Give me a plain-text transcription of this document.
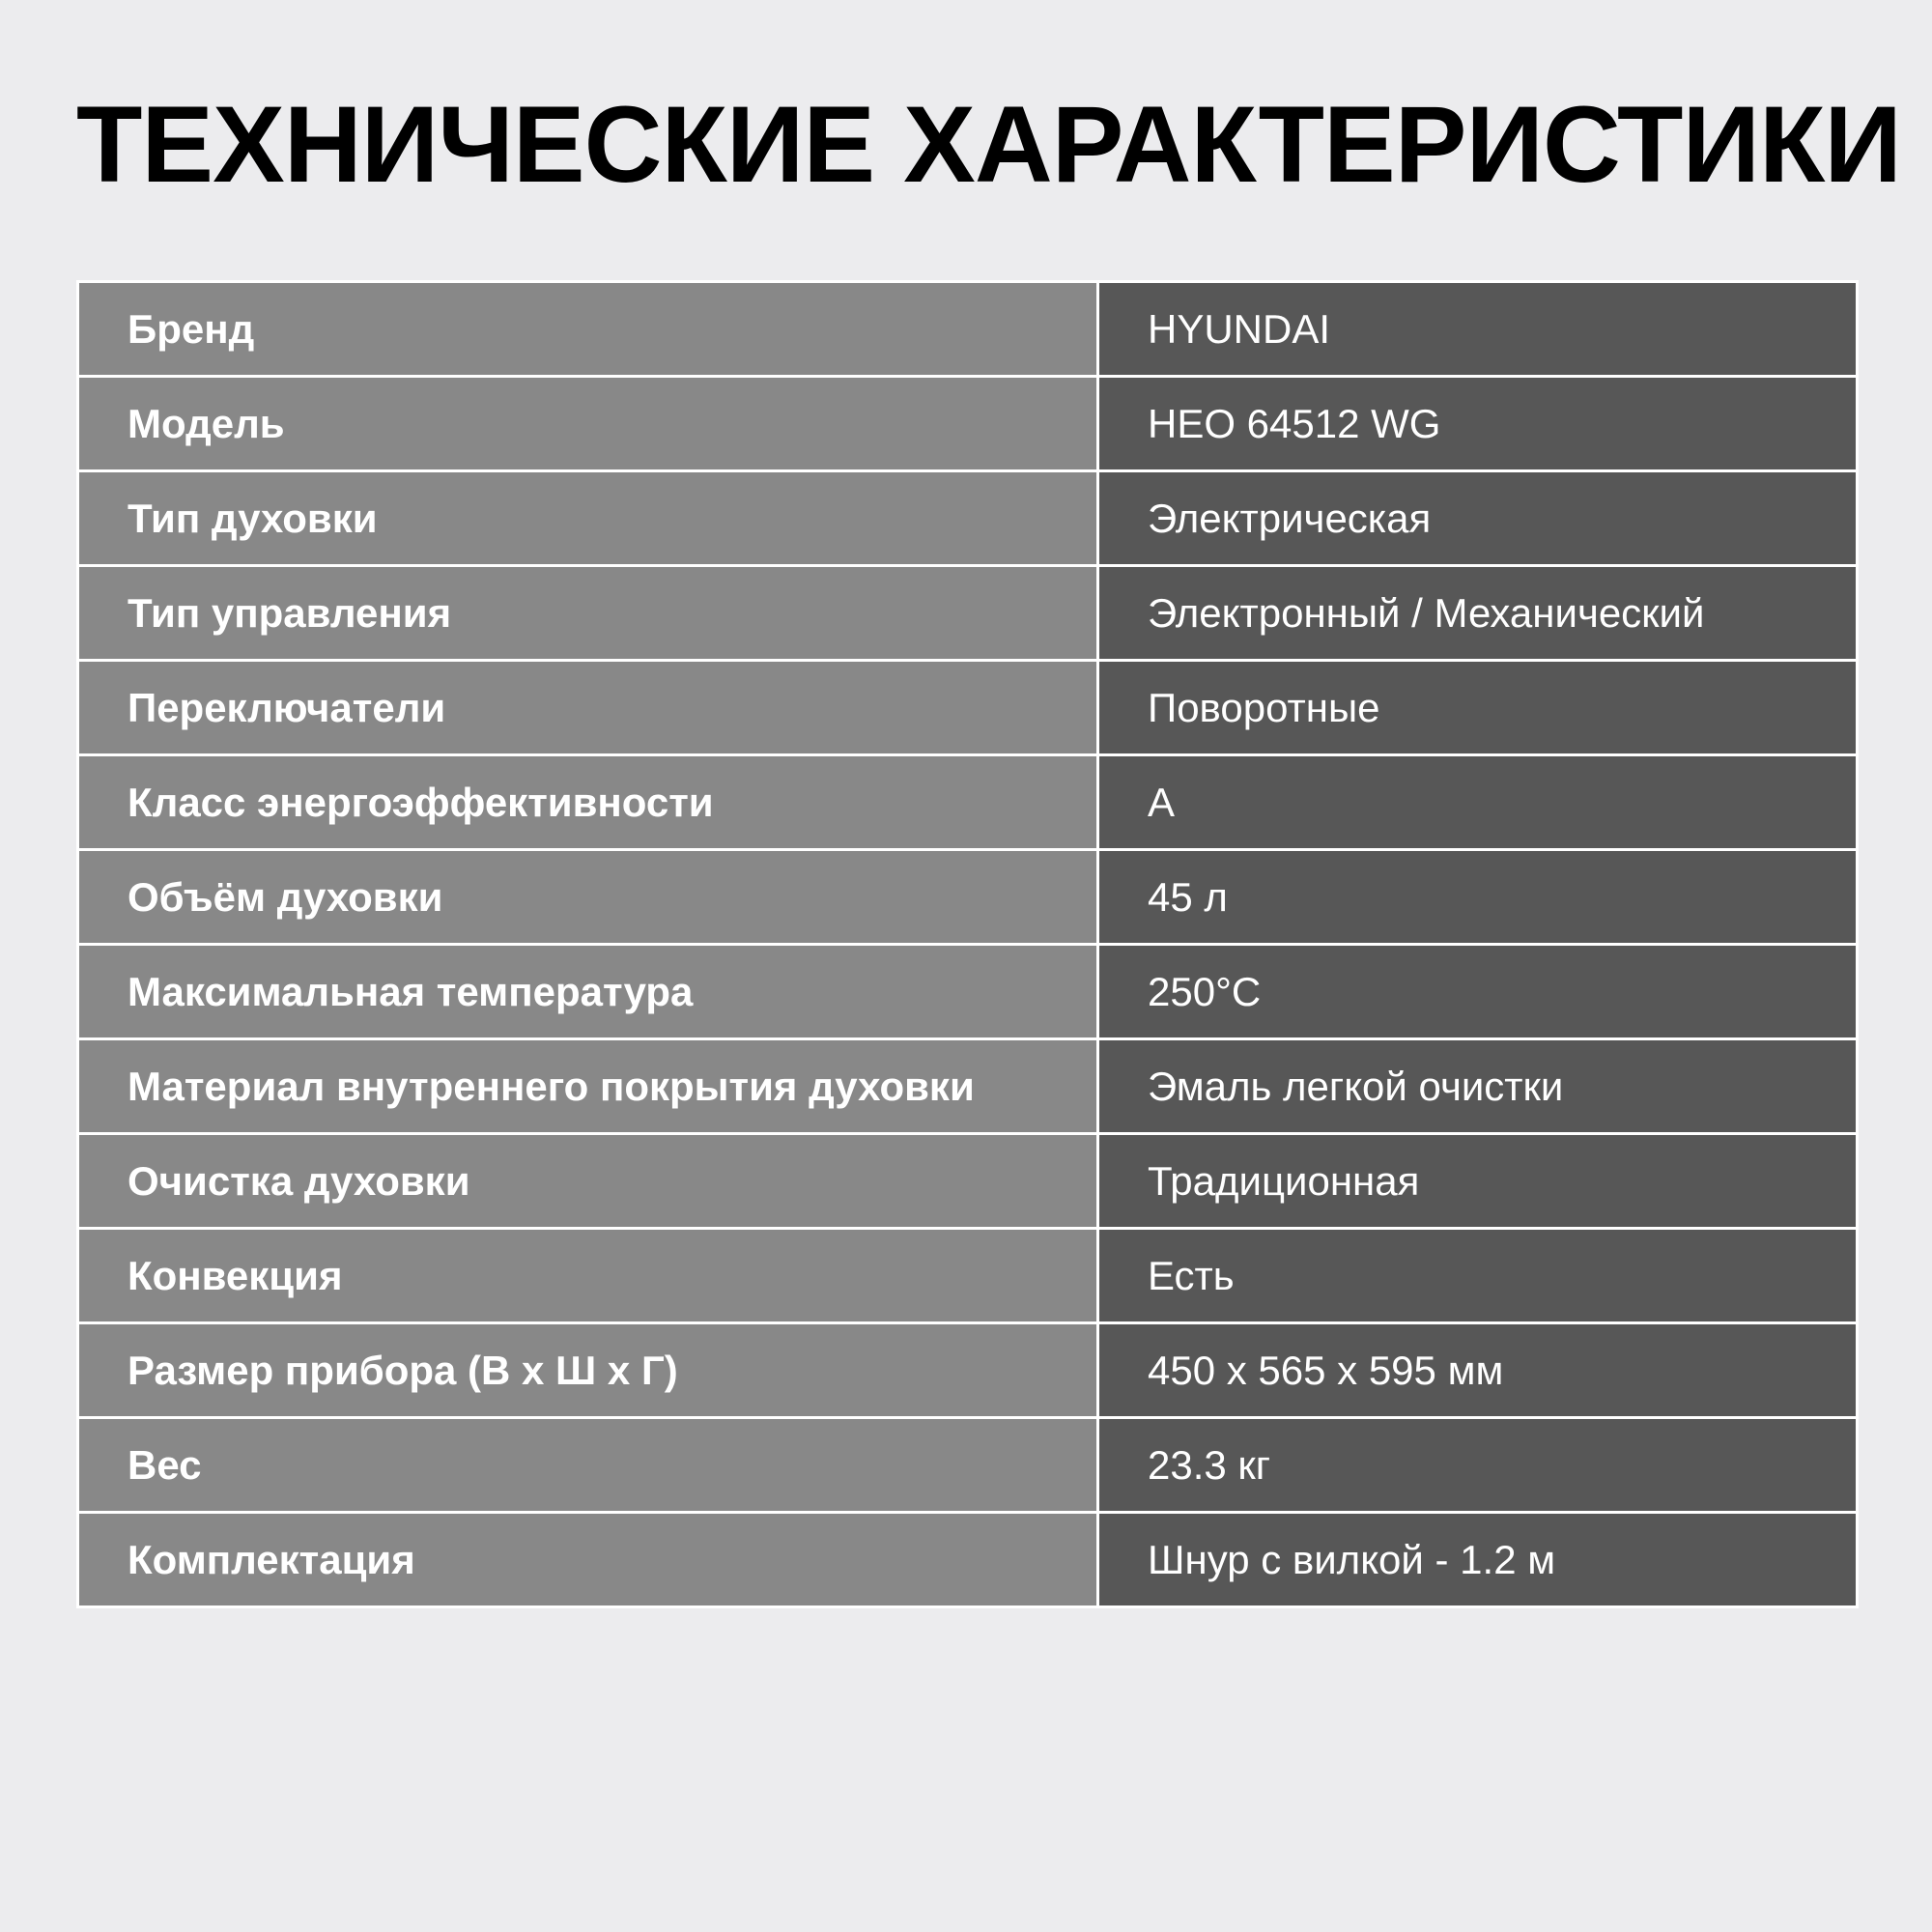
ТЕХНИЧЕСКИЕ ХАРАКТЕРИСТИКИ
Бренд	HYUNDAI
Модель	HEO 64512 WG
Тип духовки	Электрическая
Тип управления	Электронный / Механический
Переключатели	Поворотные
Класс энергоэффективности	A
Объём духовки	45 л
Максимальная температура	250°C
Материал внутреннего покрытия духовки	Эмаль легкой очистки
Очистка духовки	Традиционная
Конвекция	Есть
Размер прибора (В х Ш х Г)	450 х 565 х 595 мм
Вес	23.3 кг
Комплектация	Шнур с вилкой - 1.2 м
